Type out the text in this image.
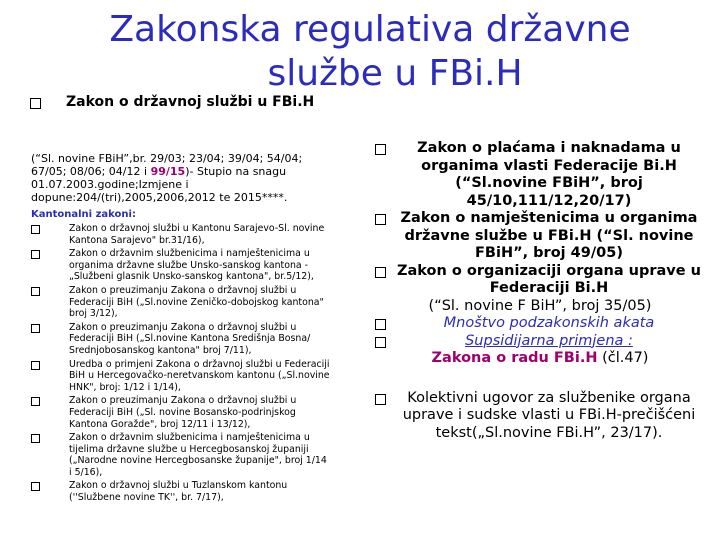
Zakonska regulativa državne
službe u FBi.H
Zakon o državnoj službi u FBi.H

(“Sl. novine FBiH”,br. 29/03; 23/04; 39/04; 54/04; 67/05; 08/06; 04/12 i 99/15)- Stupio na snagu 01.07.2003.godine;Izmjene i dopune:204/(tri),2005,2006,2012 te 2015****.

Kantonalni zakoni:
Zakon o državnoj službi u Kantonu Sarajevo-Sl. novine Kantona Sarajevo" br.31/16),
Zakon o državnim službenicima i namještenicima u organima državne službe Unsko-sanskog kantona - „Službeni glasnik Unsko-sanskog kantona", br.5/12),
Zakon o preuzimanju Zakona o državnoj službi u Federaciji BiH („Sl.novine Zeničko-dobojskog kantona" broj 3/12),
Zakon o preuzimanju Zakona o državnoj službi u Federaciji BiH („Sl.novine Kantona Središnja Bosna/ Srednjobosanskog kantona" broj 7/11),
Uredba o primjeni Zakona o državnoj službi u Federaciji BiH u Hercegovačko-neretvanskom kantonu („Sl.novine HNK", broj: 1/12 i 1/14),
Zakon o preuzimanju Zakona o državnoj službi u Federaciji BiH („Sl. novine Bosansko-podrinjskog Kantona Goražde", broj 12/11 i 13/12),
Zakon o državnim službenicima i namještenicima u tijelima državne službe u Hercegbosanskoj županiji („Narodne novine Hercegbosanske županije", broj 1/14 i 5/16),
Zakon o državnoj službi u Tuzlanskom kantonu (''Službene novine TK'', br. 7/17),

Zakon o plaćama i naknadama u organima vlasti Federacije Bi.H (“Sl.novine FBiH”, broj 45/10,111/12,20/17)

Zakon o namještenicima u organima državne službe u FBi.H (“Sl. novine FBiH”, broj 49/05)

Zakon o organizaciji organa uprave u Federaciji Bi.H

(“Sl. novine F BiH”, broj 35/05)

Mnoštvo podzakonskih akata

Supsidijarna primjena :

Zakona o radu FBi.H (čl.47)

Kolektivni ugovor za službenike organa uprave i sudske vlasti u FBi.H-prečišćeni tekst(„Sl.novine FBi.H”, 23/17).
